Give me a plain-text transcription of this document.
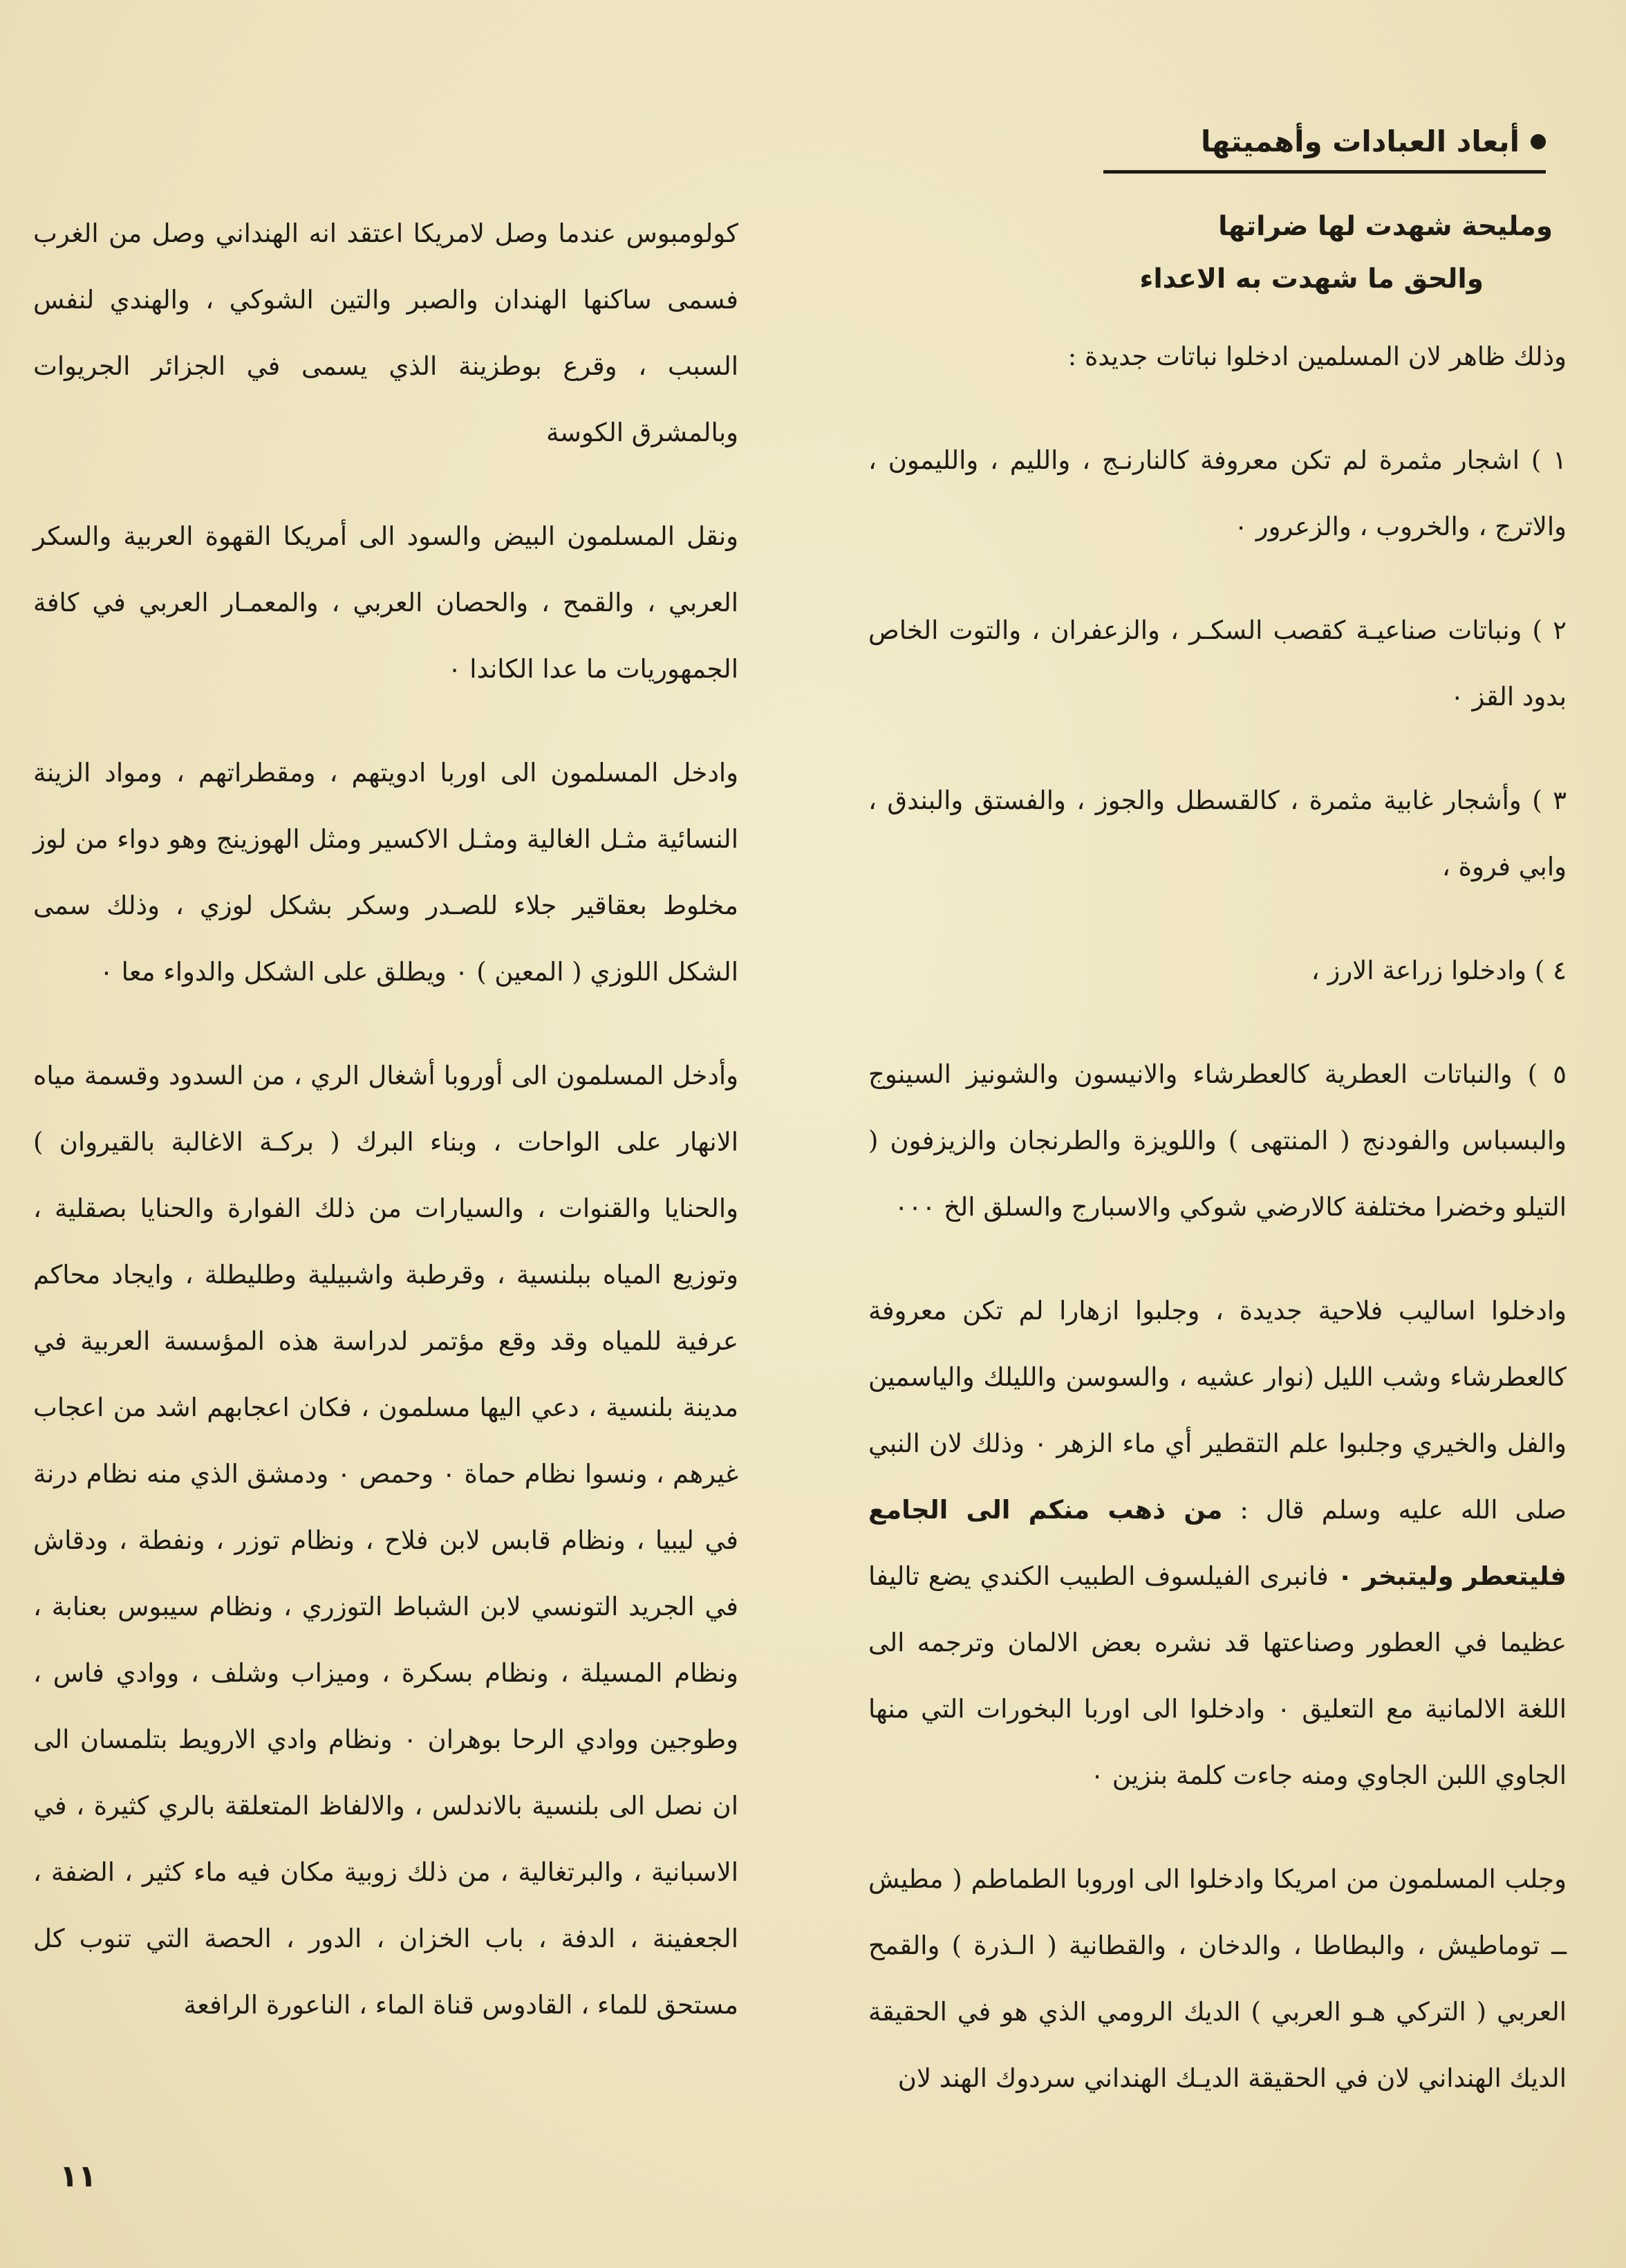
أبعاد العبادات وأهميتها
ومليحة شهدت لها ضراتها
والحق ما شهدت به الاعداء

وذلك ظاهر لان المسلمين ادخلوا نباتات جديدة :

١ ) اشجار مثمرة لم تكن معروفة كالنارنـج ، والليم ، والليمون ، والاترج ، والخروب ، والزعرور ٠

٢ ) ونباتات صناعيـة كقصب السكـر ، والزعفران ، والتوت الخاص بدود القز ٠

٣ ) وأشجار غابية مثمرة ، كالقسطل والجوز ، والفستق والبندق ، وابي فروة ،

٤ ) وادخلوا زراعة الارز ،

٥ ) والنباتات العطرية كالعطرشاء والانيسون والشونيز السينوج والبسباس والفودنج ( المنتهى ) واللويزة والطرنجان والزيزفون ( التيلو وخضرا مختلفة كالارضي شوكي والاسبارج والسلق الخ ٠٠٠

وادخلوا اساليب فلاحية جديدة ، وجلبوا ازهارا لم تكن معروفة كالعطرشاء وشب الليل (نوار عشيه ، والسوسن والليلك والياسمين والفل والخيري وجلبوا علم التقطير أي ماء الزهر ٠ وذلك لان النبي صلى الله عليه وسلم قال : من ذهب منكم الى الجامع فليتعطر وليتبخر ٠ فانبرى الفيلسوف الطبيب الكندي يضع تاليفا عظيما في العطور وصناعتها قد نشره بعض الالمان وترجمه الى اللغة الالمانية مع التعليق ٠ وادخلوا الى اوربا البخورات التي منها الجاوي اللبن الجاوي ومنه جاءت كلمة بنزين ٠

وجلب المسلمون من امريكا وادخلوا الى اوروبا الطماطم ( مطيش ــ توماطيش ، والبطاطا ، والدخان ، والقطانية ( الـذرة ) والقمح العربي ( التركي هـو العربي ) الديك الرومي الذي هو في الحقيقة الديك الهنداني لان في الحقيقة الديـك الهنداني سردوك الهند لان

كولومبوس عندما وصل لامريكا اعتقد انه الهنداني وصل من الغرب فسمى ساكنها الهندان والصبر والتين الشوكي ، والهندي لنفس السبب ، وقرع بوطزينة الذي يسمى في الجزائر الجريوات وبالمشرق الكوسة

ونقل المسلمون البيض والسود الى أمريكا القهوة العربية والسكر العربي ، والقمح ، والحصان العربي ، والمعمـار العربي في كافة الجمهوريات ما عدا الكاندا ٠

وادخل المسلمون الى اوربا ادويتهم ، ومقطراتهم ، ومواد الزينة النسائية مثـل الغالية ومثـل الاكسير ومثل الهوزينج وهو دواء من لوز مخلوط بعقاقير جلاء للصـدر وسكر بشكل لوزي ، وذلك سمى الشكل اللوزي ( المعين ) ٠ ويطلق على الشكل والدواء معا ٠

وأدخل المسلمون الى أوروبا أشغال الري ، من السدود وقسمة مياه الانهار على الواحات ، وبناء البرك ( بركـة الاغالبة بالقيروان ) والحنايا والقنوات ، والسيارات من ذلك الفوارة والحنايا بصقلية ، وتوزيع المياه ببلنسية ، وقرطبة واشبيلية وطليطلة ، وايجاد محاكم عرفية للمياه وقد وقع مؤتمر لدراسة هذه المؤسسة العربية في مدينة بلنسية ، دعي اليها مسلمون ، فكان اعجابهم اشد من اعجاب غيرهم ، ونسوا نظام حماة ٠ وحمص ٠ ودمشق الذي منه نظام درنة في ليبيا ، ونظام قابس لابن فلاح ، ونظام توزر ، ونفطة ، ودقاش في الجريد التونسي لابن الشباط التوزري ، ونظام سيبوس بعنابة ، ونظام المسيلة ، ونظام بسكرة ، وميزاب وشلف ، ووادي فاس ، وطوجين ووادي الرحا بوهران ٠ ونظام وادي الارويط بتلمسان الى ان نصل الى بلنسية بالاندلس ، والالفاظ المتعلقة بالري كثيرة ، في الاسبانية ، والبرتغالية ، من ذلك زوبية مكان فيه ماء كثير ، الضفة ، الجعفينة ، الدفة ، باب الخزان ، الدور ، الحصة التي تنوب كل مستحق للماء ، القادوس قناة الماء ، الناعورة الرافعة

١١
